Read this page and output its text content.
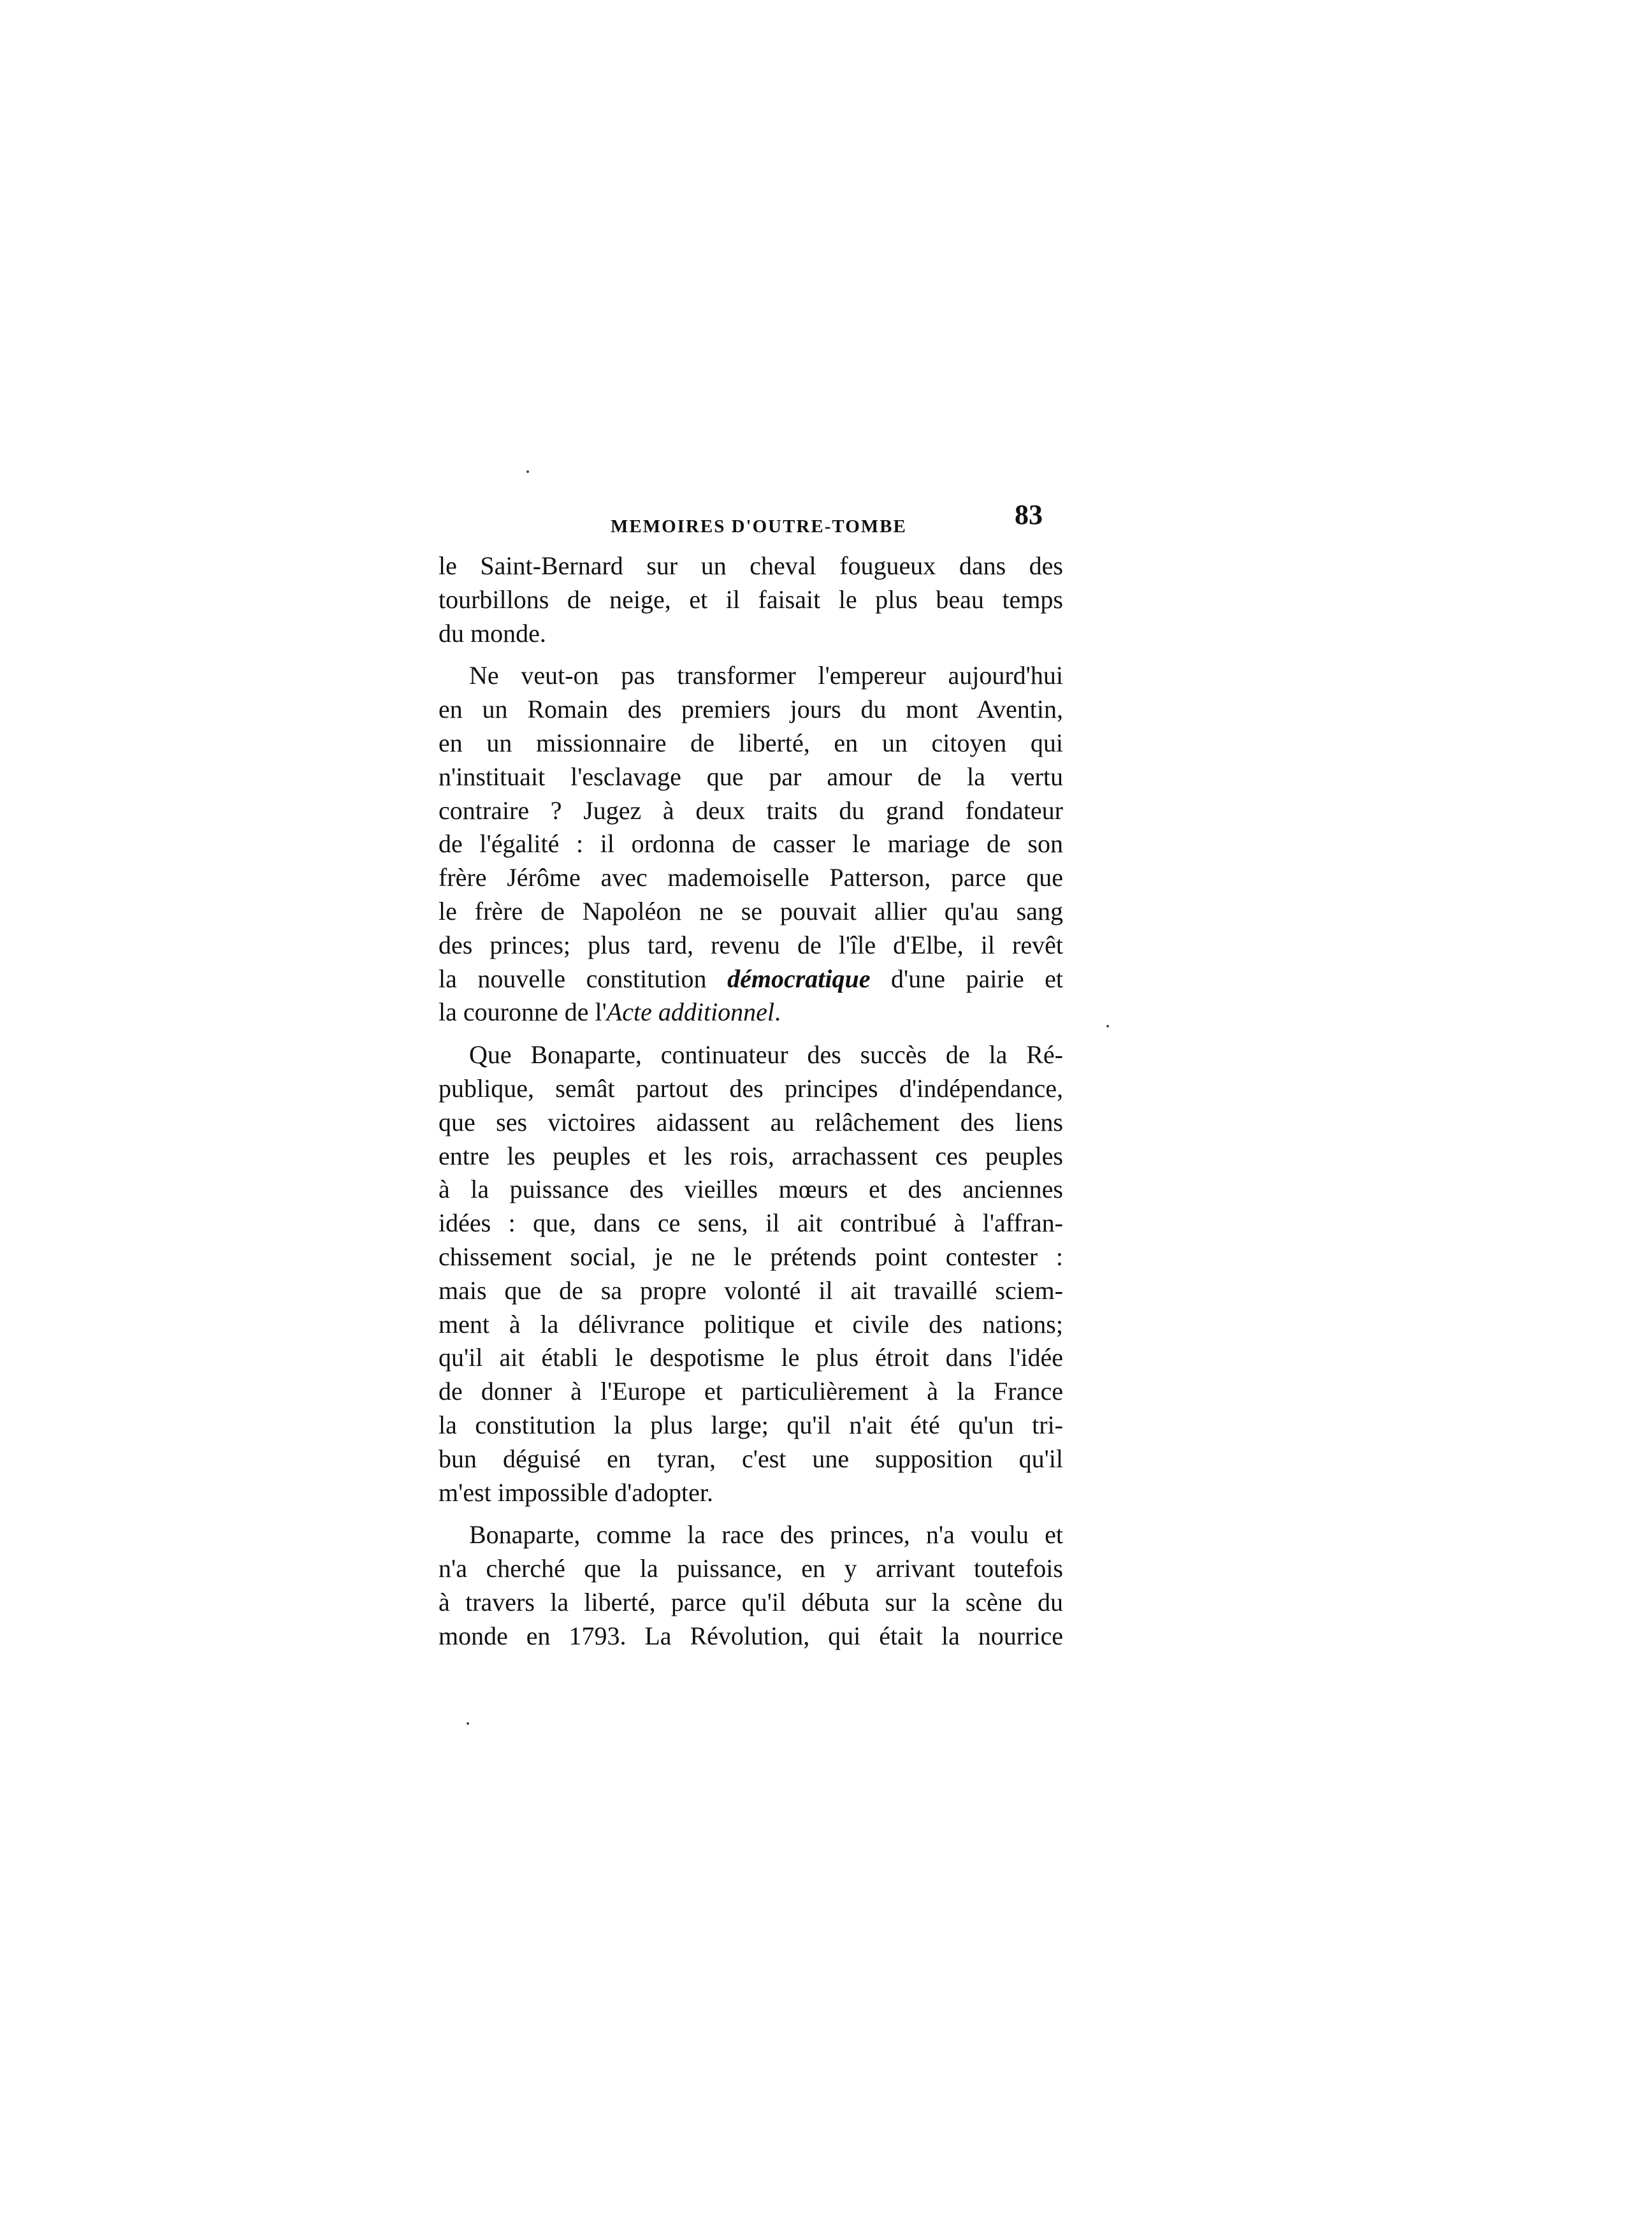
MEMOIRES D'OUTRE-TOMBE	83
le Saint-Bernard sur un cheval fougueux dans des
tourbillons de neige, et il faisait le plus beau temps
du monde.
Ne veut-on pas transformer l'empereur aujourd'hui
en un Romain des premiers jours du mont Aventin,
en un missionnaire de liberté, en un citoyen qui
n'instituait l'esclavage que par amour de la vertu
contraire ? Jugez à deux traits du grand fondateur
de l'égalité : il ordonna de casser le mariage de son
frère Jérôme avec mademoiselle Patterson, parce que
le frère de Napoléon ne se pouvait allier qu'au sang
des princes; plus tard, revenu de l'île d'Elbe, il revêt
la nouvelle constitution démocratique d'une pairie et
la couronne de l'Acte additionnel.
Que Bonaparte, continuateur des succès de la Ré-
publique, semât partout des principes d'indépendance,
que ses victoires aidassent au relâchement des liens
entre les peuples et les rois, arrachassent ces peuples
à la puissance des vieilles mœurs et des anciennes
idées : que, dans ce sens, il ait contribué à l'affran-
chissement social, je ne le prétends point contester :
mais que de sa propre volonté il ait travaillé sciem-
ment à la délivrance politique et civile des nations;
qu'il ait établi le despotisme le plus étroit dans l'idée
de donner à l'Europe et particulièrement à la France
la constitution la plus large; qu'il n'ait été qu'un tri-
bun déguisé en tyran, c'est une supposition qu'il
m'est impossible d'adopter.
Bonaparte, comme la race des princes, n'a voulu et
n'a cherché que la puissance, en y arrivant toutefois
à travers la liberté, parce qu'il débuta sur la scène du
monde en 1793. La Révolution, qui était la nourrice
